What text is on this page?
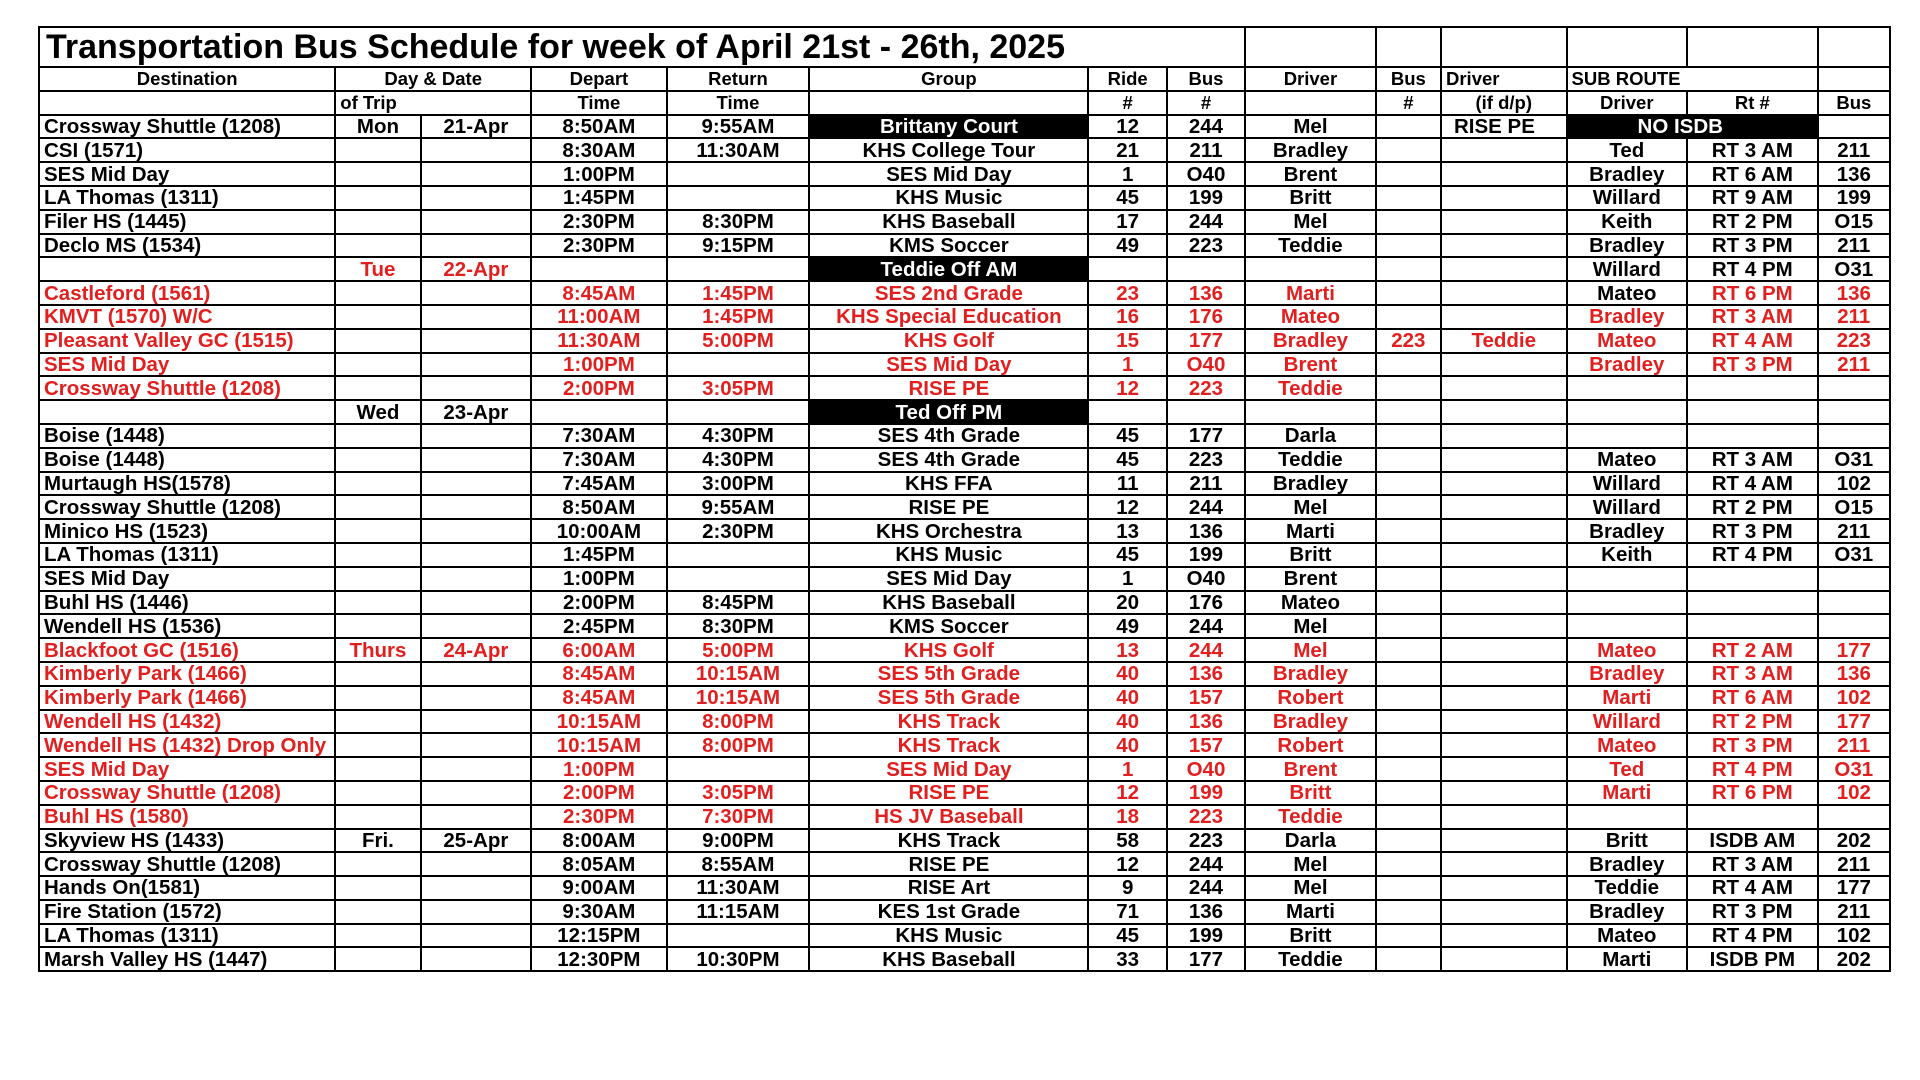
Transportation Bus Schedule for week of April 21st - 26th, 2025													
Destination	Day & Date		Depart	Return	Group	Ride	Bus	Driver	Bus	Driver	SUB ROUTE		
	of Trip		Time	Time		#	#		#	(if d/p)	Driver	Rt #	Bus
Crossway Shuttle (1208)	Mon	21-Apr	8:50AM	9:55AM	Brittany Court	12	244	Mel		RISE PE	NO ISDB		
CSI (1571)			8:30AM	11:30AM	KHS College Tour	21	211	Bradley			Ted	RT 3 AM	211
SES Mid Day			1:00PM		SES Mid Day	1	O40	Brent			Bradley	RT 6 AM	136
LA Thomas (1311)			1:45PM		KHS Music	45	199	Britt			Willard	RT 9 AM	199
Filer HS (1445)			2:30PM	8:30PM	KHS Baseball	17	244	Mel			Keith	RT 2 PM	O15
Declo MS (1534)			2:30PM	9:15PM	KMS Soccer	49	223	Teddie			Bradley	RT 3 PM	211
	Tue	22-Apr			Teddie Off AM						Willard	RT 4 PM	O31
Castleford (1561)			8:45AM	1:45PM	SES 2nd Grade	23	136	Marti			Mateo	RT 6 PM	136
KMVT (1570) W/C			11:00AM	1:45PM	KHS Special Education	16	176	Mateo			Bradley	RT 3 AM	211
Pleasant Valley GC (1515)			11:30AM	5:00PM	KHS Golf	15	177	Bradley	223	Teddie	Mateo	RT 4 AM	223
SES Mid Day			1:00PM		SES Mid Day	1	O40	Brent			Bradley	RT 3 PM	211
Crossway Shuttle (1208)			2:00PM	3:05PM	RISE PE	12	223	Teddie					
	Wed	23-Apr			Ted Off PM								
Boise (1448)			7:30AM	4:30PM	SES 4th Grade	45	177	Darla					
Boise (1448)			7:30AM	4:30PM	SES 4th Grade	45	223	Teddie			Mateo	RT 3 AM	O31
Murtaugh HS(1578)			7:45AM	3:00PM	KHS FFA	11	211	Bradley			Willard	RT 4 AM	102
Crossway Shuttle (1208)			8:50AM	9:55AM	RISE PE	12	244	Mel			Willard	RT 2 PM	O15
Minico HS (1523)			10:00AM	2:30PM	KHS Orchestra	13	136	Marti			Bradley	RT 3 PM	211
LA Thomas (1311)			1:45PM		KHS Music	45	199	Britt			Keith	RT 4 PM	O31
SES Mid Day			1:00PM		SES Mid Day	1	O40	Brent					
Buhl HS (1446)			2:00PM	8:45PM	KHS Baseball	20	176	Mateo					
Wendell HS (1536)			2:45PM	8:30PM	KMS Soccer	49	244	Mel					
Blackfoot GC (1516)	Thurs	24-Apr	6:00AM	5:00PM	KHS Golf	13	244	Mel			Mateo	RT 2 AM	177
Kimberly Park (1466)			8:45AM	10:15AM	SES 5th Grade	40	136	Bradley			Bradley	RT 3 AM	136
Kimberly Park (1466)			8:45AM	10:15AM	SES 5th Grade	40	157	Robert			Marti	RT 6 AM	102
Wendell HS (1432)			10:15AM	8:00PM	KHS Track	40	136	Bradley			Willard	RT 2 PM	177
Wendell HS (1432) Drop Only			10:15AM	8:00PM	KHS Track	40	157	Robert			Mateo	RT 3 PM	211
SES Mid Day			1:00PM		SES Mid Day	1	O40	Brent			Ted	RT 4 PM	O31
Crossway Shuttle (1208)			2:00PM	3:05PM	RISE PE	12	199	Britt			Marti	RT 6 PM	102
Buhl HS (1580)			2:30PM	7:30PM	HS JV Baseball	18	223	Teddie					
Skyview HS (1433)	Fri.	25-Apr	8:00AM	9:00PM	KHS Track	58	223	Darla			Britt	ISDB AM	202
Crossway Shuttle (1208)			8:05AM	8:55AM	RISE PE	12	244	Mel			Bradley	RT 3 AM	211
Hands On(1581)			9:00AM	11:30AM	RISE Art	9	244	Mel			Teddie	RT 4 AM	177
Fire Station (1572)			9:30AM	11:15AM	KES 1st Grade	71	136	Marti			Bradley	RT 3 PM	211
LA Thomas (1311)			12:15PM		KHS Music	45	199	Britt			Mateo	RT 4 PM	102
Marsh Valley HS (1447)			12:30PM	10:30PM	KHS Baseball	33	177	Teddie			Marti	ISDB PM	202
